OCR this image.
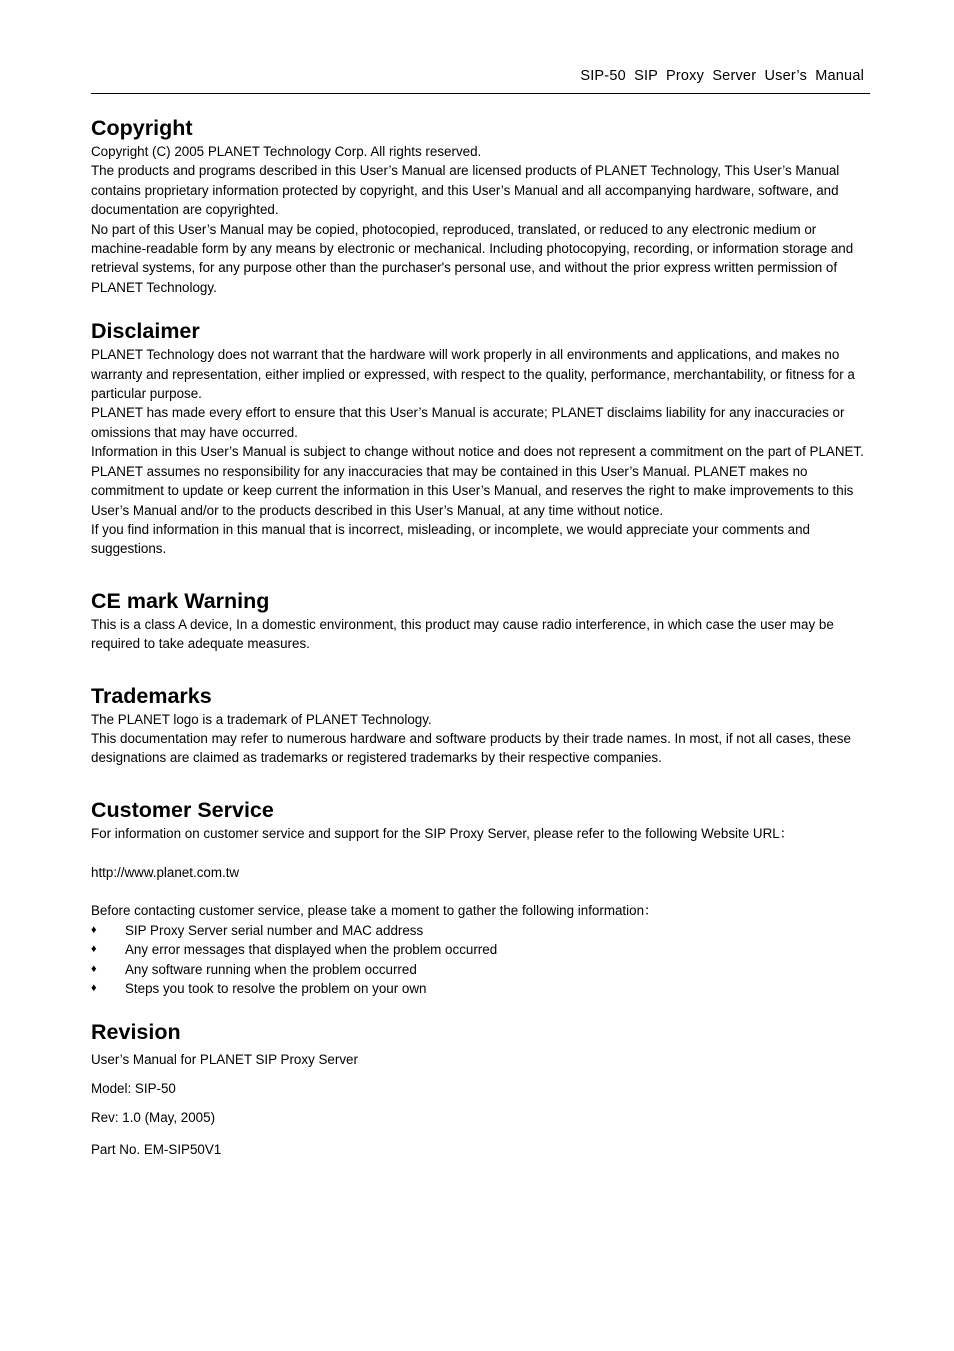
SIP-50 SIP Proxy Server User’s Manual
Copyright

Copyright (C) 2005 PLANET Technology Corp. All rights reserved.

The products and programs described in this User’s Manual are licensed products of PLANET Technology, This User’s Manual contains proprietary information protected by copyright, and this User’s Manual and all accompanying hardware, software, and documentation are copyrighted.

No part of this User’s Manual may be copied, photocopied, reproduced, translated, or reduced to any electronic medium or machine-readable form by any means by electronic or mechanical. Including photocopying, recording, or information storage and retrieval systems, for any purpose other than the purchaser's personal use, and without the prior express written permission of PLANET Technology.

Disclaimer

PLANET Technology does not warrant that the hardware will work properly in all environments and applications, and makes no warranty and representation, either implied or expressed, with respect to the quality, performance, merchantability, or fitness for a particular purpose.

PLANET has made every effort to ensure that this User’s Manual is accurate; PLANET disclaims liability for any inaccuracies or omissions that may have occurred.

Information in this User’s Manual is subject to change without notice and does not represent a commitment on the part of PLANET. PLANET assumes no responsibility for any inaccuracies that may be contained in this User’s Manual. PLANET makes no commitment to update or keep current the information in this User’s Manual, and reserves the right to make improvements to this User’s Manual and/or to the products described in this User’s Manual, at any time without notice.

If you find information in this manual that is incorrect, misleading, or incomplete, we would appreciate your comments and suggestions.

CE mark Warning

This is a class A device, In a domestic environment, this product may cause radio interference, in which case the user may be required to take adequate measures.

Trademarks

The PLANET logo is a trademark of PLANET Technology.

This documentation may refer to numerous hardware and software products by their trade names. In most, if not all cases, these designations are claimed as trademarks or registered trademarks by their respective companies.

Customer Service

For information on customer service and support for the SIP Proxy Server, please refer to the following Website URL：

http://www.planet.com.tw

Before contacting customer service, please take a moment to gather the following information：

♦ SIP Proxy Server serial number and MAC address
♦ Any error messages that displayed when the problem occurred
♦ Any software running when the problem occurred
♦ Steps you took to resolve the problem on your own
Revision

User’s Manual for PLANET SIP Proxy Server

Model: SIP-50

Rev: 1.0 (May, 2005)

Part No. EM-SIP50V1
